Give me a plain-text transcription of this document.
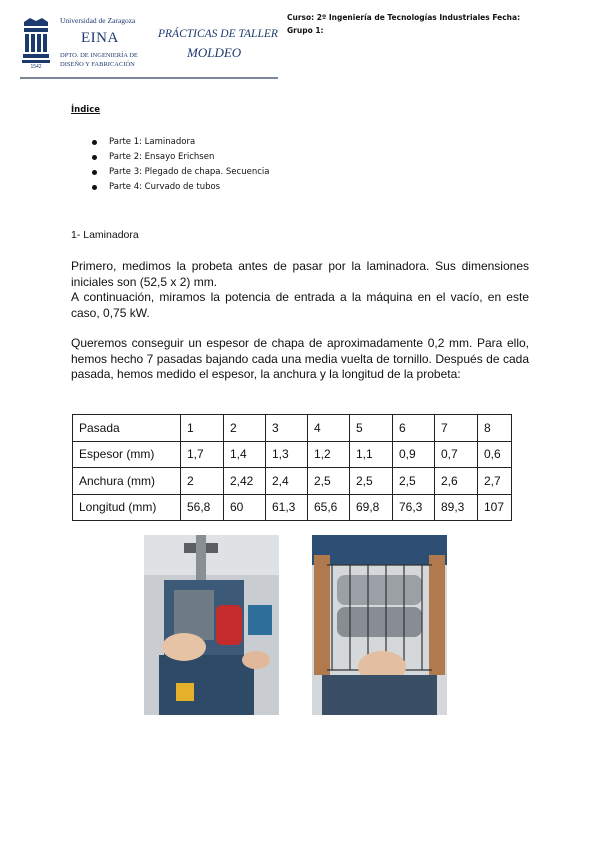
1542
Universidad de Zaragoza
EINA
DPTO. DE INGENIERÍA DE
DISEÑO Y FABRICACIÓN
PRÁCTICAS DE TALLER
MOLDEO
Curso: 2º Ingeniería de Tecnologías Industriales Fecha:
Grupo 1:
Índice
Parte 1: Laminadora
Parte 2: Ensayo Erichsen
Parte 3: Plegado de chapa. Secuencia
Parte 4: Curvado de tubos
1- Laminadora

Primero, medimos la probeta antes de pasar por la laminadora. Sus dimensiones iniciales son (52,5 x 2) mm.

A continuación, miramos la potencia de entrada a la máquina en el vacío, en este caso, 0,75 kW.

Queremos conseguir un espesor de chapa de aproximadamente 0,2 mm. Para ello, hemos hecho 7 pasadas bajando cada una media vuelta de tornillo. Después de cada pasada, hemos medido el espesor, la anchura y la longitud de la probeta:

Pasada	1	2	3	4	5	6	7	8
Espesor (mm)	1,7	1,4	1,3	1,2	1,1	0,9	0,7	0,6
Anchura (mm)	2	2,42	2,4	2,5	2,5	2,5	2,6	2,7
Longitud (mm)	56,8	60	61,3	65,6	69,8	76,3	89,3	107
